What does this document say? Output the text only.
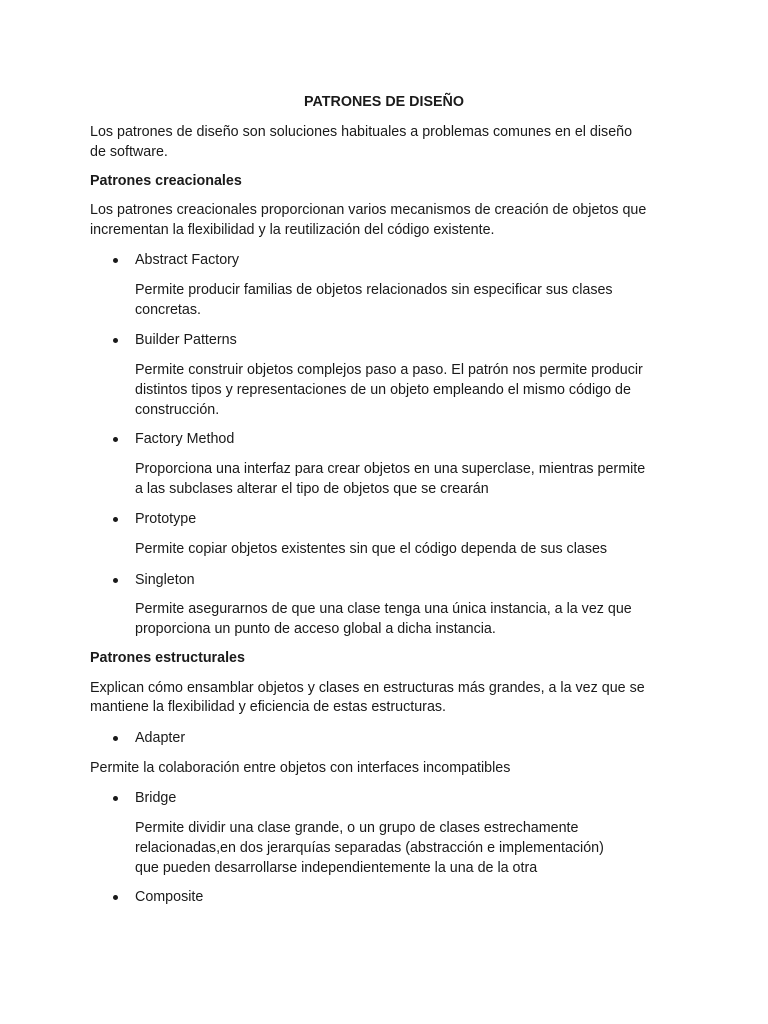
PATRONES DE DISEÑO
Los patrones de diseño son soluciones habituales a problemas comunes en el diseño
de software.
Patrones creacionales
Los patrones creacionales proporcionan varios mecanismos de creación de objetos que
incrementan la flexibilidad y la reutilización del código existente.
Abstract Factory
Permite producir familias de objetos relacionados sin especificar sus clases
concretas.
Builder Patterns
Permite construir objetos complejos paso a paso. El patrón nos permite producir
distintos tipos y representaciones de un objeto empleando el mismo código de
construcción.
Factory Method
Proporciona una interfaz para crear objetos en una superclase, mientras permite
a las subclases alterar el tipo de objetos que se crearán
Prototype
Permite copiar objetos existentes sin que el código dependa de sus clases
Singleton
Permite asegurarnos de que una clase tenga una única instancia, a la vez que
proporciona un punto de acceso global a dicha instancia.
Patrones estructurales
Explican cómo ensamblar objetos y clases en estructuras más grandes, a la vez que se
mantiene la flexibilidad y eficiencia de estas estructuras.
Adapter
Permite la colaboración entre objetos con interfaces incompatibles
Bridge
Permite dividir una clase grande, o un grupo de clases estrechamente
relacionadas,en dos jerarquías separadas (abstracción e implementación)
que pueden desarrollarse independientemente la una de la otra
Composite
